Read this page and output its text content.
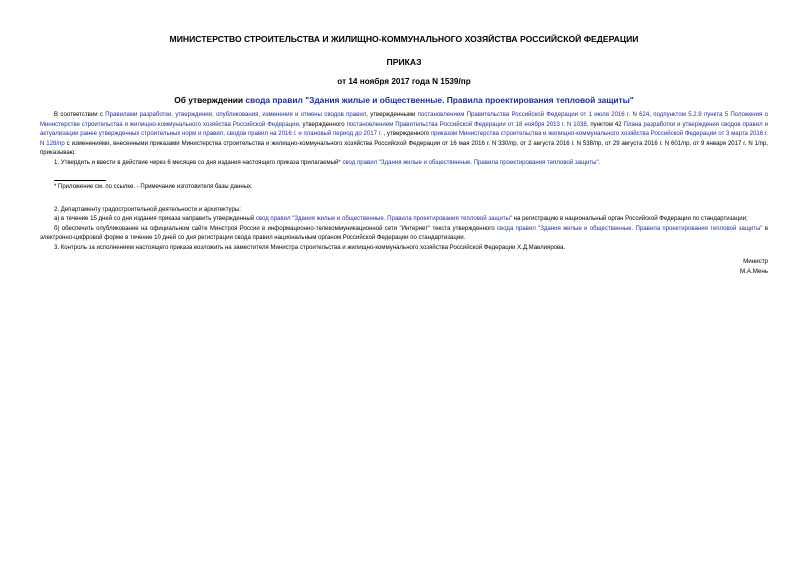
МИНИСТЕРСТВО СТРОИТЕЛЬСТВА И ЖИЛИЩНО-КОММУНАЛЬНОГО ХОЗЯЙСТВА РОССИЙСКОЙ ФЕДЕРАЦИИ
ПРИКАЗ
от 14 ноября 2017 года N 1539/пр
Об утверждении свода правил "Здания жилые и общественные. Правила проектирования тепловой защиты"

В соответствии с Правилами разработки, утверждения, опубликования, изменения и отмены сводов правил, утвержденными постановлением Правительства Российской Федерации от 1 июля 2016 г. N 624, подпунктом 5.2.9 пункта 5 Положения о Министерстве строительства и жилищно-коммунального хозяйства Российской Федерации, утвержденного постановлением Правительства Российской Федерации от 18 ноября 2013 г. N 1038, пунктом 42 Плана разработки и утверждения сводов правил и актуализации ранее утвержденных строительных норм и правил, сводов правил на 2016 г. и плановый период до 2017 г. , утвержденного приказом Министерства строительства и жилищно-коммунального хозяйства Российской Федерации от 3 марта 2016 г. N 128/пр с изменениями, внесенными приказами Министерства строительства и жилищно-коммунального хозяйства Российской Федерации от 16 мая 2016 г. N 330/пр, от 2 августа 2016 г. N 538/пр, от 29 августа 2016 г. N 601/пр, от 9 января 2017 г. N 1/пр, приказываю:

1. Утвердить и ввести в действие через 6 месяцев со дня издания настоящего приказа прилагаемый* свод правил "Здания жилые и общественные. Правила проектирования тепловой защиты".

* Приложение см. по ссылке. - Примечание изготовителя базы данных.

2. Департаменту градостроительной деятельности и архитектуры:

а) в течение 15 дней со дня издания приказа направить утвержденный свод правил "Здания жилые и общественные. Правила проектирования тепловой защиты" на регистрацию в национальный орган Российской Федерации по стандартизации;

б) обеспечить опубликование на официальном сайте Минстроя России в информационно-телекоммуникационной сети "Интернет" текста утвержденного свода правил "Здания жилые и общественные. Правила проектирования тепловой защиты" в электронно-цифровой форме в течение 10 дней со дня регистрации свода правил национальным органом Российской Федерации по стандартизации.

3. Контроль за исполнением настоящего приказа возложить на заместителя Министра строительства и жилищно-коммунального хозяйства Российской Федерации Х.Д.Мавлиярова.

Министр
М.А.Мень
